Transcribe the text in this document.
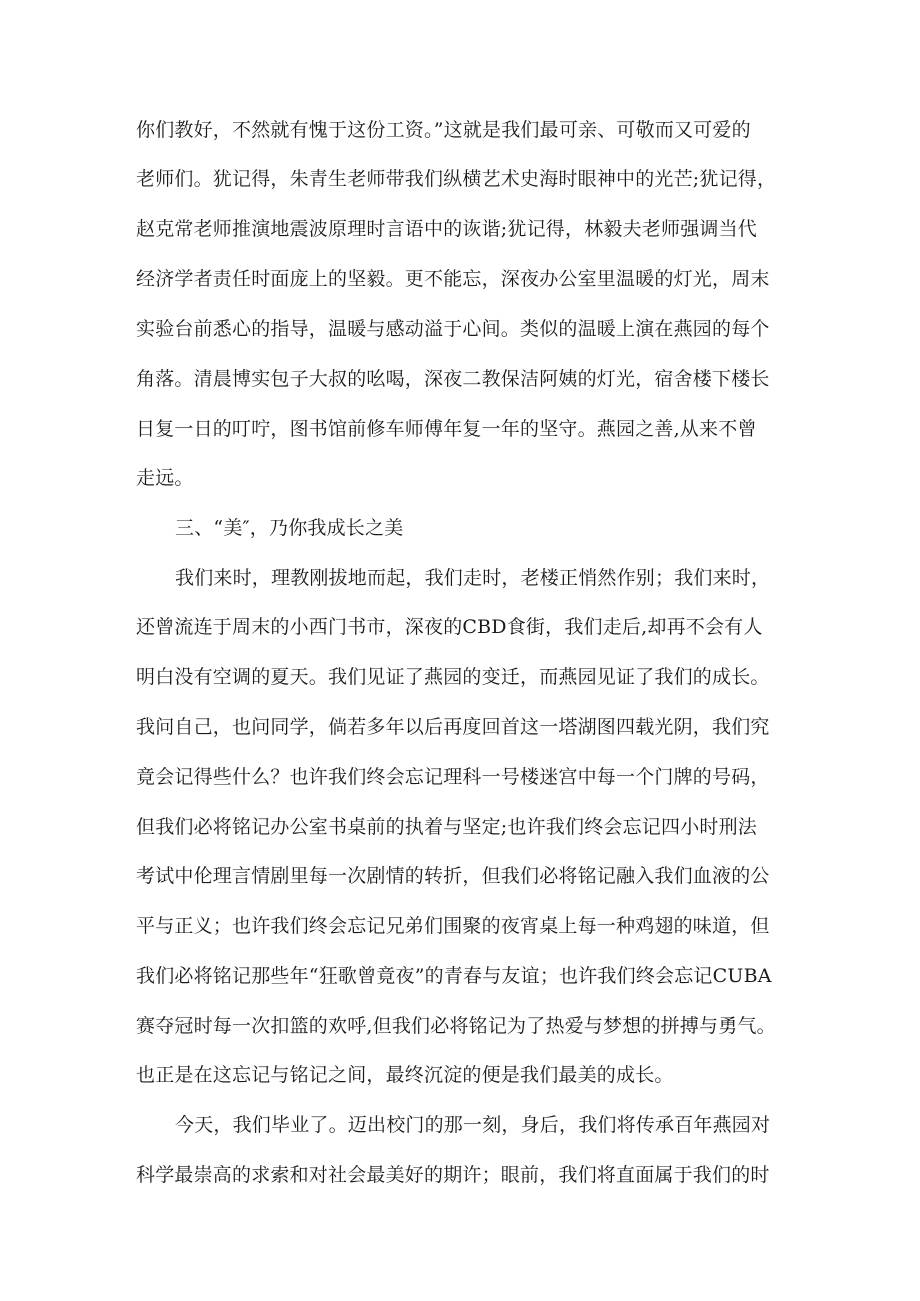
你们教好，不然就有愧于这份工资。”这就是我们最可亲、可敬而又可爱的
老师们。犹记得，朱青生老师带我们纵横艺术史海时眼神中的光芒;犹记得，
赵克常老师推演地震波原理时言语中的诙谐;犹记得，林毅夫老师强调当代
经济学者责任时面庞上的坚毅。更不能忘，深夜办公室里温暖的灯光，周末
实验台前悉心的指导，温暖与感动溢于心间。类似的温暖上演在燕园的每个
角落。清晨博实包子大叔的吆喝，深夜二教保洁阿姨的灯光，宿舍楼下楼长
日复一日的叮咛，图书馆前修车师傅年复一年的坚守。燕园之善,从来不曾
走远。
三、“美″，乃你我成长之美
我们来时，理教刚拔地而起，我们走时，老楼正悄然作别；我们来时，
还曾流连于周末的小西门书市，深夜的CBD食街，我们走后,却再不会有人
明白没有空调的夏天。我们见证了燕园的变迁，而燕园见证了我们的成长。
我问自己，也问同学，倘若多年以后再度回首这一塔湖图四载光阴，我们究
竟会记得些什么？也许我们终会忘记理科一号楼迷宫中每一个门牌的号码，
但我们必将铭记办公室书桌前的执着与坚定;也许我们终会忘记四小时刑法
考试中伦理言情剧里每一次剧情的转折，但我们必将铭记融入我们血液的公
平与正义；也许我们终会忘记兄弟们围聚的夜宵桌上每一种鸡翅的味道，但
我们必将铭记那些年“狂歌曾竟夜”的青春与友谊；也许我们终会忘记CUBA
赛夺冠时每一次扣篮的欢呼,但我们必将铭记为了热爱与梦想的拼搏与勇气。
也正是在这忘记与铭记之间，最终沉淀的便是我们最美的成长。
今天，我们毕业了。迈出校门的那一刻，身后，我们将传承百年燕园对
科学最崇高的求索和对社会最美好的期许；眼前，我们将直面属于我们的时
